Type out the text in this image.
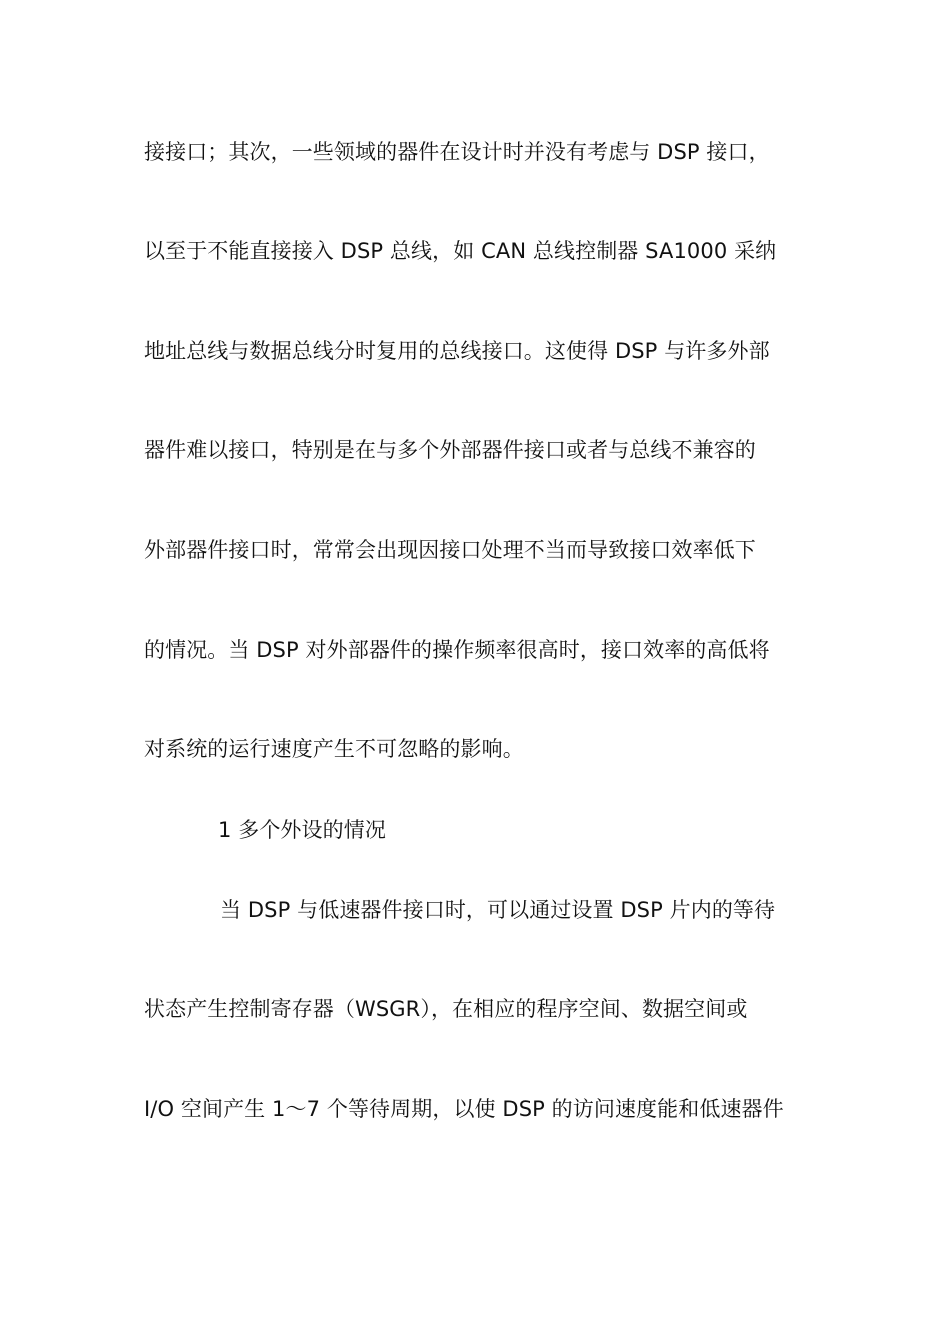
接接口；其次，一些领域的器件在设计时并没有考虑与 DSP 接口，
以至于不能直接接入 DSP 总线，如 CAN 总线控制器 SA1000 采纳
地址总线与数据总线分时复用的总线接口。这使得 DSP 与许多外部
器件难以接口，特别是在与多个外部器件接口或者与总线不兼容的
外部器件接口时，常常会出现因接口处理不当而导致接口效率低下
的情况。当 DSP 对外部器件的操作频率很高时，接口效率的高低将
对系统的运行速度产生不可忽略的影响。
1 多个外设的情况
当 DSP 与低速器件接口时，可以通过设置 DSP 片内的等待
状态产生控制寄存器（WSGR），在相应的程序空间、数据空间或
I/O 空间产生 1～7 个等待周期，以使 DSP 的访问速度能和低速器件
